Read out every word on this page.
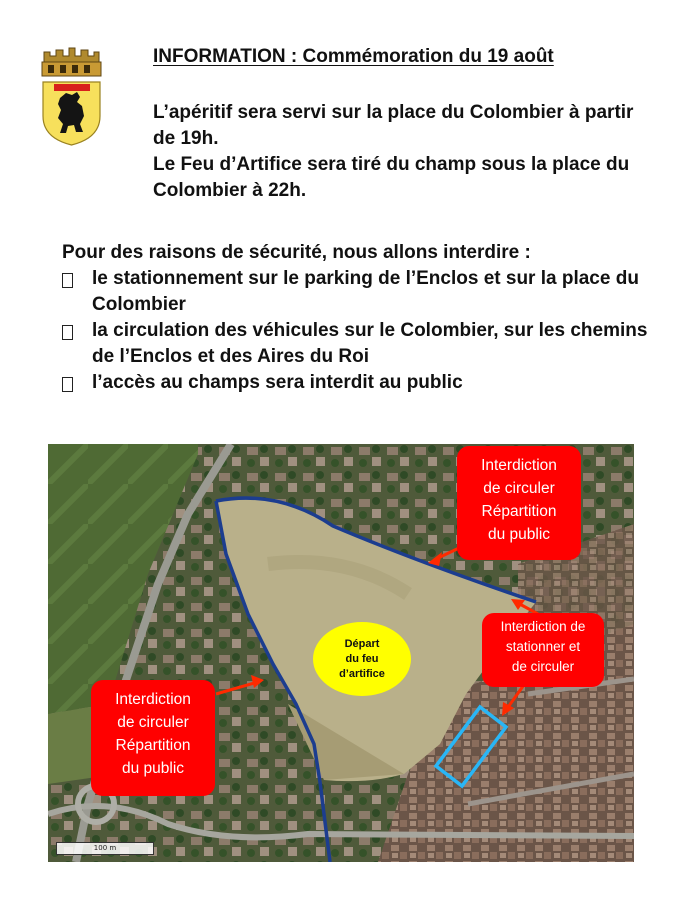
INFORMATION : Commémoration du 19 août

L’apéritif sera servi sur la place du Colombier à partir de 19h.

Le Feu d’Artifice sera tiré du champ sous la place du Colombier à 22h.

Pour des raisons de sécurité, nous allons interdire :

le stationnement sur le parking de l’Enclos et sur la place du Colombier
la circulation des véhicules sur le Colombier, sur les chemins de l’Enclos et des Aires du Roi
l’accès au champs sera interdit au public

Interdiction

de circuler

Répartition

du public

Interdiction de

stationner et

de circuler

Interdiction

de circuler

Répartition

du public

Départ
du feu
d’artifice
100 m
